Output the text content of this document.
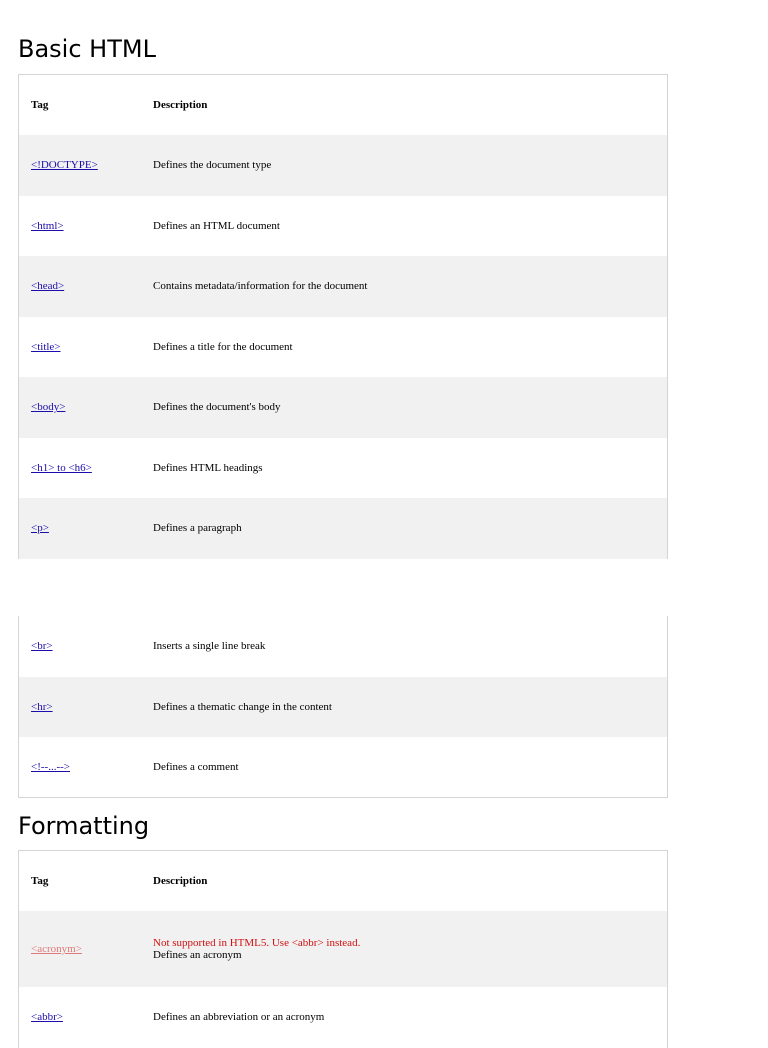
Basic HTML
Tag	Description
<!DOCTYPE>	Defines the document type
<html>	Defines an HTML document
<head>	Contains metadata/information for the document
<title>	Defines a title for the document
<body>	Defines the document's body
<h1> to <h6>	Defines HTML headings
<p>	Defines a paragraph
<br>	Inserts a single line break
<hr>	Defines a thematic change in the content
<!--...-->	Defines a comment
Formatting
Tag	Description
<acronym>	Not supported in HTML5. Use <abbr> instead.
Defines an acronym

<abbr>	Defines an abbreviation or an acronym
